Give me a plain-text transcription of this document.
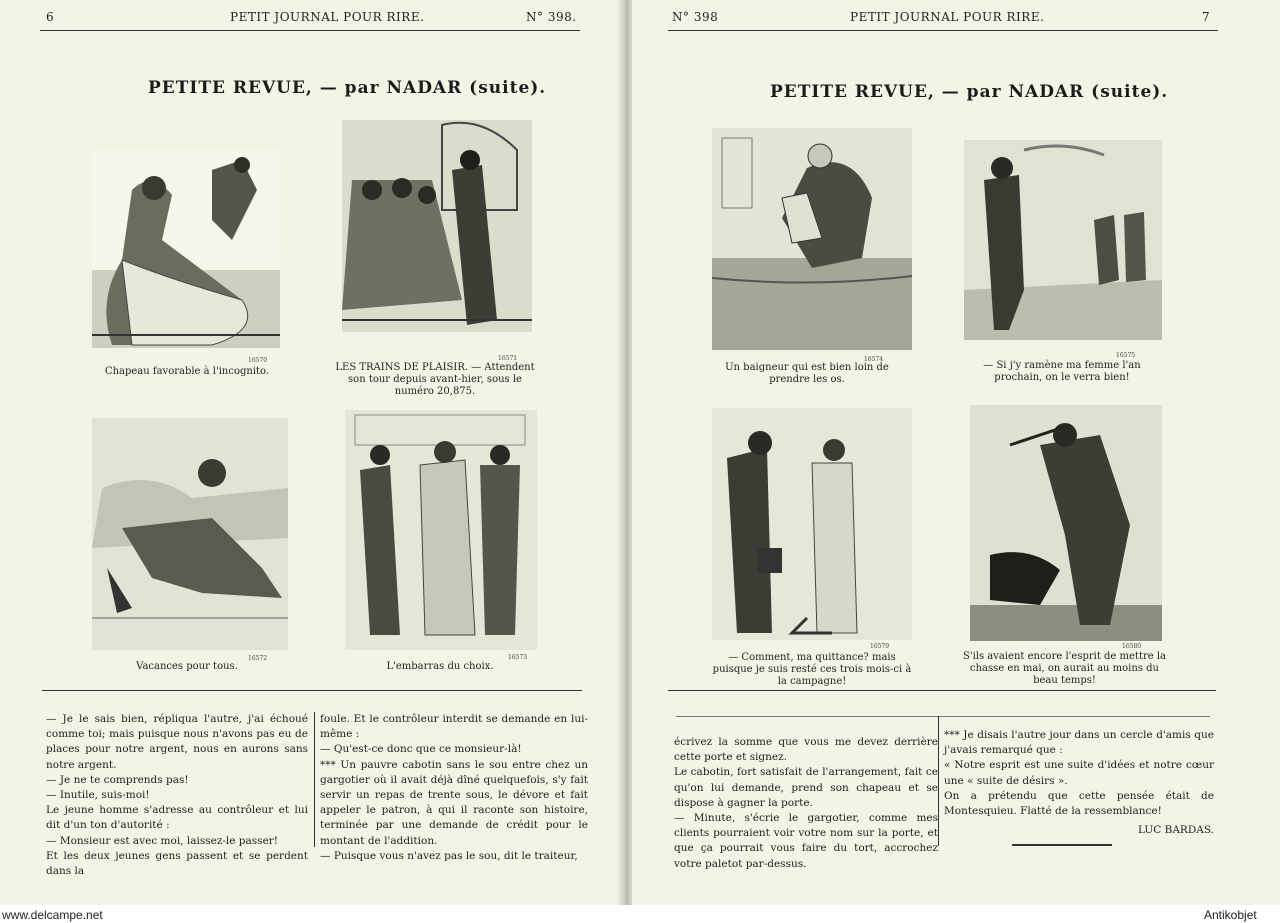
6	PETIT JOURNAL POUR RIRE.	N° 398.
PETITE REVUE, — par NADAR (suite).
16570
Chapeau favorable à l'incognito.
16571
LES TRAINS DE PLAISIR. — Attendent son tour depuis avant-hier, sous le numéro 20,875.
16572
Vacances pour tous.
16573
L'embarras du choix.

— Je le sais bien, répliqua l'autre, j'ai échoué comme toi; mais puisque nous n'avons pas eu de places pour notre argent, nous en aurons sans notre argent.

— Je ne te comprends pas!

— Inutile, suis-moi!

Le jeune homme s'adresse au contrôleur et lui dit d'un ton d'autorité :

— Monsieur est avec moi, laissez-le passer!

Et les deux jeunes gens passent et se perdent dans la

foule. Et le contrôleur interdit se demande en lui-même :

— Qu'est-ce donc que ce monsieur-là!

*** Un pauvre cabotin sans le sou entre chez un gargotier où il avait déjà dîné quelquefois, s'y fait servir un repas de trente sous, le dévore et fait appeler le patron, à qui il raconte son histoire, terminée par une demande de crédit pour le montant de l'addition.

— Puisque vous n'avez pas le sou, dit le traiteur,

N° 398	PETIT JOURNAL POUR RIRE.	7
PETITE REVUE, — par NADAR (suite).
16574
Un baigneur qui est bien loin de prendre les os.
16575
— Si j'y ramène ma femme l'an prochain, on le verra bien!
16579
— Comment, ma quittance? mais puisque je suis resté ces trois mois-ci à la campagne!
16580
S'ils avaient encore l'esprit de mettre la chasse en mai, on aurait au moins du beau temps!

écrivez la somme que vous me devez derrière cette porte et signez.

Le cabotin, fort satisfait de l'arrangement, fait ce qu'on lui demande, prend son chapeau et se dispose à gagner la porte.

— Minute, s'écrie le gargotier, comme mes clients pourraient voir votre nom sur la porte, et que ça pourrait vous faire du tort, accrochez votre paletot par-dessus.

*** Je disais l'autre jour dans un cercle d'amis que j'avais remarqué que :

« Notre esprit est une suite d'idées et notre cœur une « suite de désirs ».

On a prétendu que cette pensée était de Montesquieu. Flatté de la ressemblance!

LUC BARDAS.

www.delcampe.net	Antikobjet
